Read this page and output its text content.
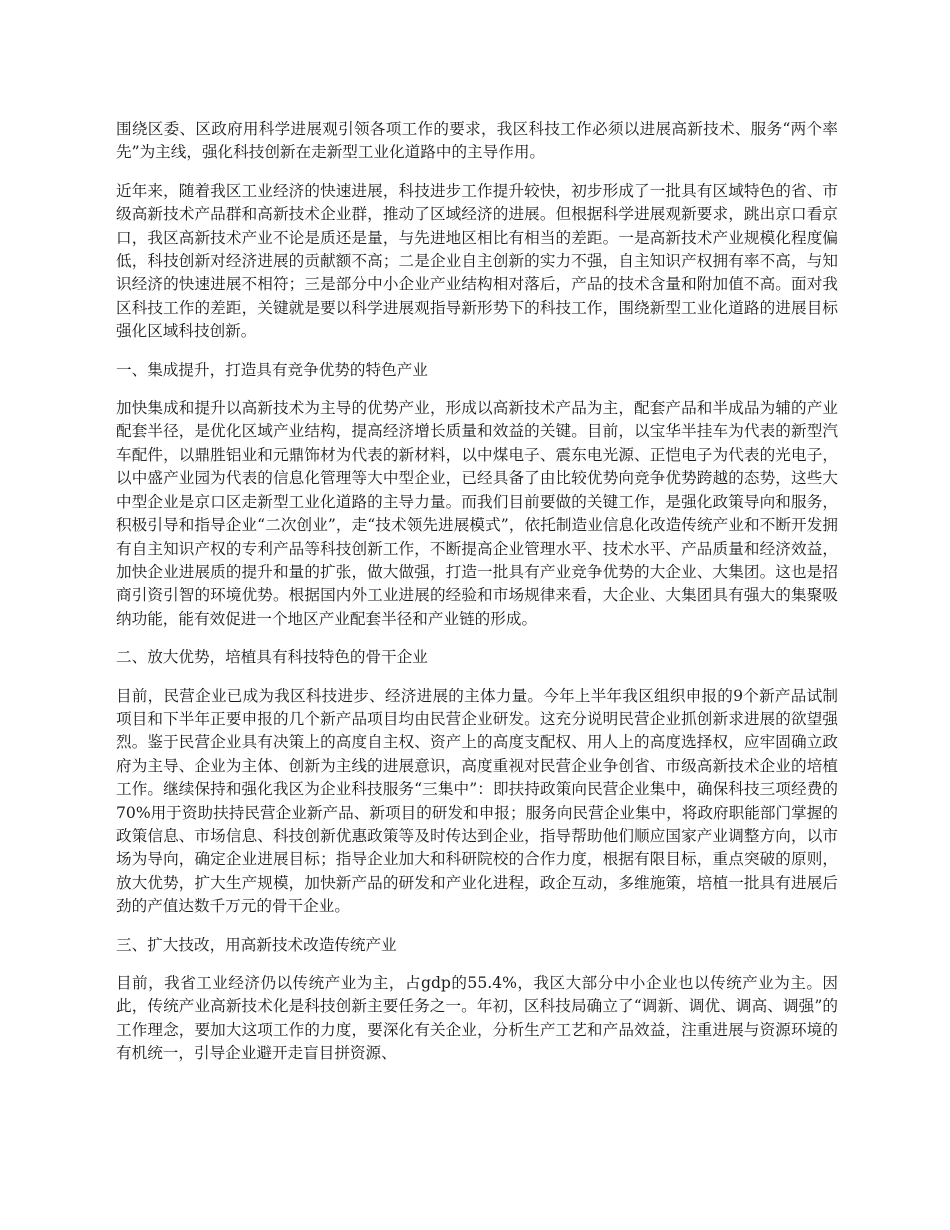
围绕区委、区政府用科学进展观引领各项工作的要求，我区科技工作必须以进展高新技术、服务“两个率先”为主线，强化科技创新在走新型工业化道路中的主导作用。

近年来，随着我区工业经济的快速进展，科技进步工作提升较快，初步形成了一批具有区域特色的省、市级高新技术产品群和高新技术企业群，推动了区域经济的进展。但根据科学进展观新要求，跳出京口看京口，我区高新技术产业不论是质还是量，与先进地区相比有相当的差距。一是高新技术产业规模化程度偏低，科技创新对经济进展的贡献额不高；二是企业自主创新的实力不强，自主知识产权拥有率不高，与知识经济的快速进展不相符；三是部分中小企业产业结构相对落后，产品的技术含量和附加值不高。面对我区科技工作的差距，关键就是要以科学进展观指导新形势下的科技工作，围绕新型工业化道路的进展目标强化区域科技创新。

一、集成提升，打造具有竞争优势的特色产业

加快集成和提升以高新技术为主导的优势产业，形成以高新技术产品为主，配套产品和半成品为辅的产业配套半径，是优化区域产业结构，提高经济增长质量和效益的关键。目前，以宝华半挂车为代表的新型汽车配件，以鼎胜铝业和元鼎饰材为代表的新材料，以中煤电子、震东电光源、正恺电子为代表的光电子，以中盛产业园为代表的信息化管理等大中型企业，已经具备了由比较优势向竞争优势跨越的态势，这些大中型企业是京口区走新型工业化道路的主导力量。而我们目前要做的关键工作，是强化政策导向和服务，积极引导和指导企业“二次创业”，走“技术领先进展模式”，依托制造业信息化改造传统产业和不断开发拥有自主知识产权的专利产品等科技创新工作，不断提高企业管理水平、技术水平、产品质量和经济效益，加快企业进展质的提升和量的扩张，做大做强，打造一批具有产业竞争优势的大企业、大集团。这也是招商引资引智的环境优势。根据国内外工业进展的经验和市场规律来看，大企业、大集团具有强大的集聚吸纳功能，能有效促进一个地区产业配套半径和产业链的形成。

二、放大优势，培植具有科技特色的骨干企业

目前，民营企业已成为我区科技进步、经济进展的主体力量。今年上半年我区组织申报的9个新产品试制项目和下半年正要申报的几个新产品项目均由民营企业研发。这充分说明民营企业抓创新求进展的欲望强烈。鉴于民营企业具有决策上的高度自主权、资产上的高度支配权、用人上的高度选择权，应牢固确立政府为主导、企业为主体、创新为主线的进展意识，高度重视对民营企业争创省、市级高新技术企业的培植工作。继续保持和强化我区为企业科技服务“三集中”：即扶持政策向民营企业集中，确保科技三项经费的70%用于资助扶持民营企业新产品、新项目的研发和申报；服务向民营企业集中，将政府职能部门掌握的政策信息、市场信息、科技创新优惠政策等及时传达到企业，指导帮助他们顺应国家产业调整方向，以市场为导向，确定企业进展目标；指导企业加大和科研院校的合作力度，根据有限目标，重点突破的原则，放大优势，扩大生产规模，加快新产品的研发和产业化进程，政企互动，多维施策，培植一批具有进展后劲的产值达数千万元的骨干企业。

三、扩大技改，用高新技术改造传统产业

目前，我省工业经济仍以传统产业为主，占gdp的55.4%，我区大部分中小企业也以传统产业为主。因此，传统产业高新技术化是科技创新主要任务之一。年初，区科技局确立了“调新、调优、调高、调强”的工作理念，要加大这项工作的力度，要深化有关企业，分析生产工艺和产品效益，注重进展与资源环境的有机统一，引导企业避开走盲目拼资源、
